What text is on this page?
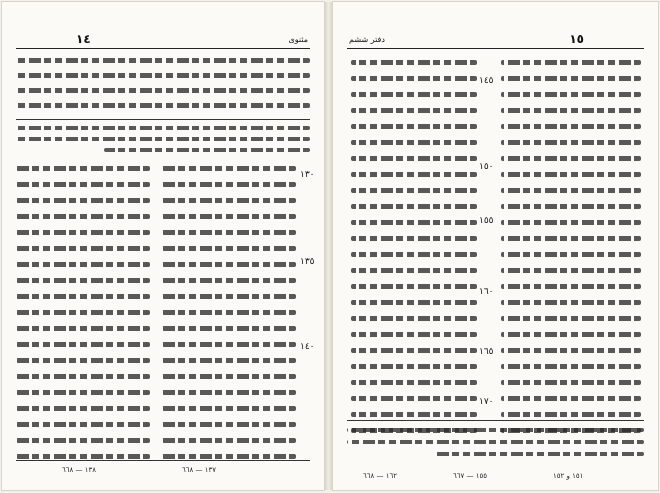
١٤	مثنوی
١٣٠
١٣٥
١٤٠
١٣٧ — ٦٦٨
١٣٨ — ٦٦٨
١٥
دفتر ششم
١٤٥
١٥٠
١٥٥
١٦٠
١٦٥
١٧٠
١٥١ و ١٥٢
١٥٥ — ٦٦٧
١٦٢ — ٦٦٨
